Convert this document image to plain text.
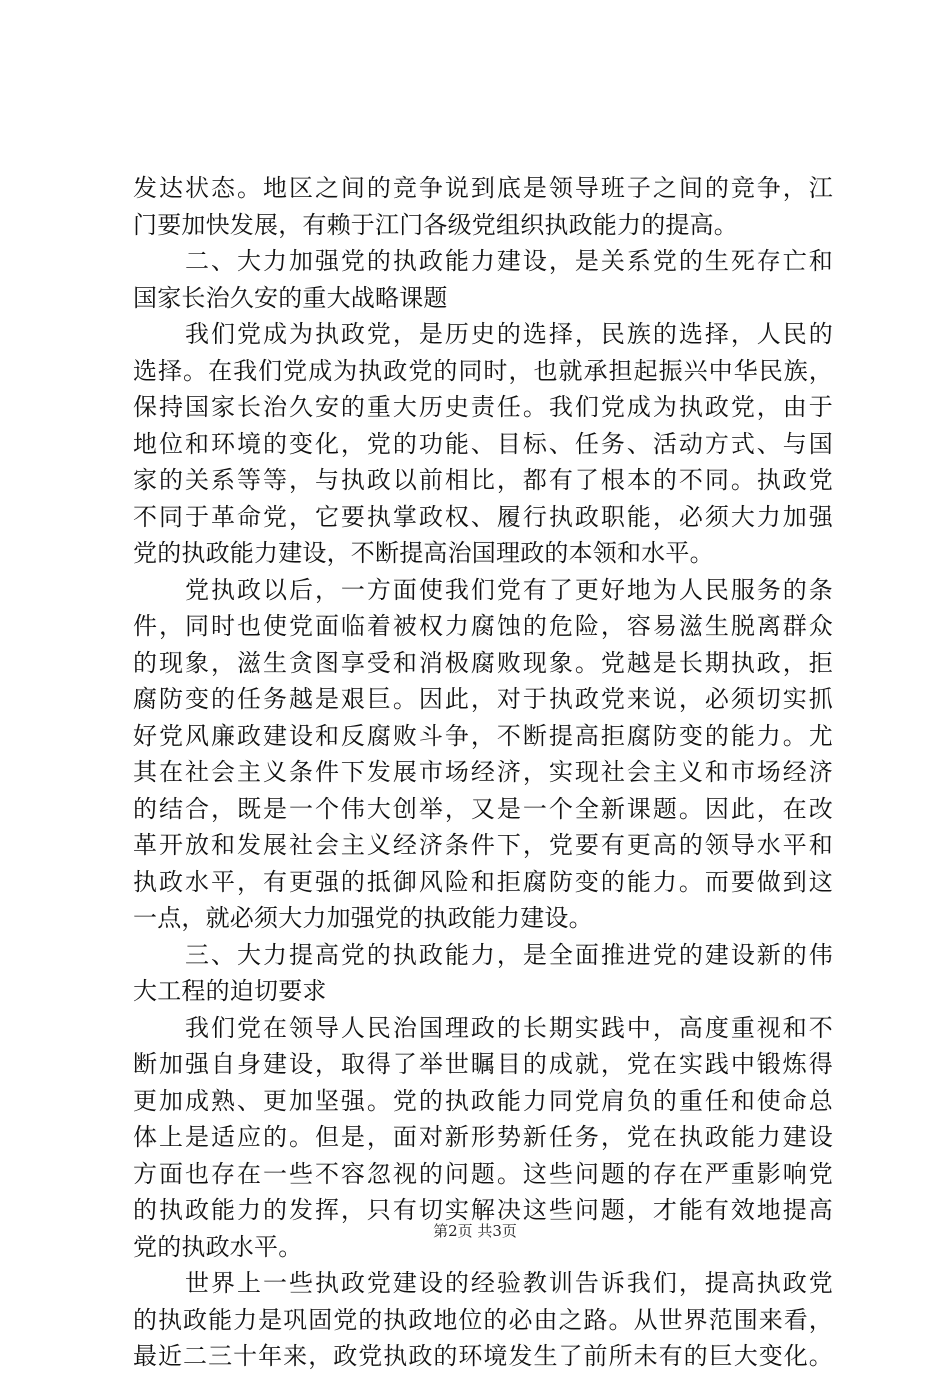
发达状态。地区之间的竞争说到底是领导班子之间的竞争，江
门要加快发展，有赖于江门各级党组织执政能力的提高。
　　二、大力加强党的执政能力建设，是关系党的生死存亡和
国家长治久安的重大战略课题
　　我们党成为执政党，是历史的选择，民族的选择，人民的
选择。在我们党成为执政党的同时，也就承担起振兴中华民族，
保持国家长治久安的重大历史责任。我们党成为执政党，由于
地位和环境的变化，党的功能、目标、任务、活动方式、与国
家的关系等等，与执政以前相比，都有了根本的不同。执政党
不同于革命党，它要执掌政权、履行执政职能，必须大力加强
党的执政能力建设，不断提高治国理政的本领和水平。
　　党执政以后，一方面使我们党有了更好地为人民服务的条
件，同时也使党面临着被权力腐蚀的危险，容易滋生脱离群众
的现象，滋生贪图享受和消极腐败现象。党越是长期执政，拒
腐防变的任务越是艰巨。因此，对于执政党来说，必须切实抓
好党风廉政建设和反腐败斗争，不断提高拒腐防变的能力。尤
其在社会主义条件下发展市场经济，实现社会主义和市场经济
的结合，既是一个伟大创举，又是一个全新课题。因此，在改
革开放和发展社会主义经济条件下，党要有更高的领导水平和
执政水平，有更强的抵御风险和拒腐防变的能力。而要做到这
一点，就必须大力加强党的执政能力建设。
　　三、大力提高党的执政能力，是全面推进党的建设新的伟
大工程的迫切要求
　　我们党在领导人民治国理政的长期实践中，高度重视和不
断加强自身建设，取得了举世瞩目的成就，党在实践中锻炼得
更加成熟、更加坚强。党的执政能力同党肩负的重任和使命总
体上是适应的。但是，面对新形势新任务，党在执政能力建设
方面也存在一些不容忽视的问题。这些问题的存在严重影响党
的执政能力的发挥，只有切实解决这些问题，才能有效地提高
党的执政水平。
　　世界上一些执政党建设的经验教训告诉我们，提高执政党
的执政能力是巩固党的执政地位的必由之路。从世界范围来看，
最近二三十年来，政党执政的环境发生了前所未有的巨大变化。
第2页 共3页
